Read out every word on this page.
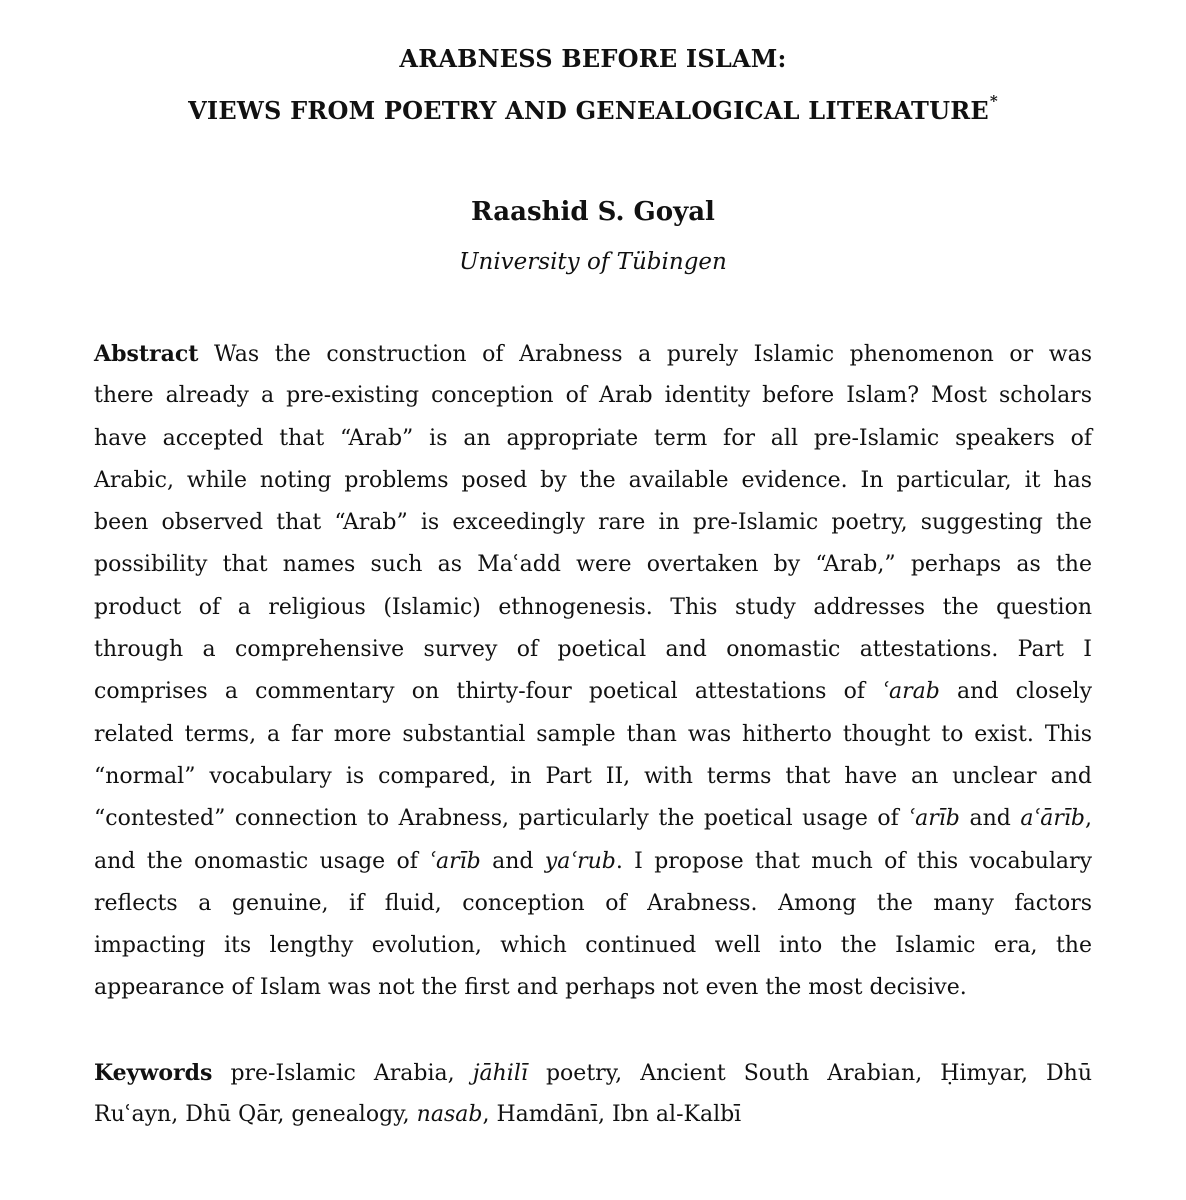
ARABNESS BEFORE ISLAM:
VIEWS FROM POETRY AND GENEALOGICAL LITERATURE*
Raashid S. Goyal
University of Tübingen
Abstract Was the construction of Arabness a purely Islamic phenomenon or was
there already a pre-existing conception of Arab identity before Islam? Most scholars
have accepted that “Arab” is an appropriate term for all pre-Islamic speakers of
Arabic, while noting problems posed by the available evidence. In particular, it has
been observed that “Arab” is exceedingly rare in pre-Islamic poetry, suggesting the
possibility that names such as Maʿadd were overtaken by “Arab,” perhaps as the
product of a religious (Islamic) ethnogenesis. This study addresses the question
through a comprehensive survey of poetical and onomastic attestations. Part I
comprises a commentary on thirty-four poetical attestations of ʿarab and closely
related terms, a far more substantial sample than was hitherto thought to exist. This
“normal” vocabulary is compared, in Part II, with terms that have an unclear and
“contested” connection to Arabness, particularly the poetical usage of ʿarīb and aʿārīb,
and the onomastic usage of ʿarīb and yaʿrub. I propose that much of this vocabulary
reflects a genuine, if fluid, conception of Arabness. Among the many factors
impacting its lengthy evolution, which continued well into the Islamic era, the
appearance of Islam was not the first and perhaps not even the most decisive.
Keywords pre-Islamic Arabia, jāhilī poetry, Ancient South Arabian, Ḥimyar, Dhū
Ruʿayn, Dhū Qār, genealogy, nasab, Hamdānī, Ibn al-Kalbī
